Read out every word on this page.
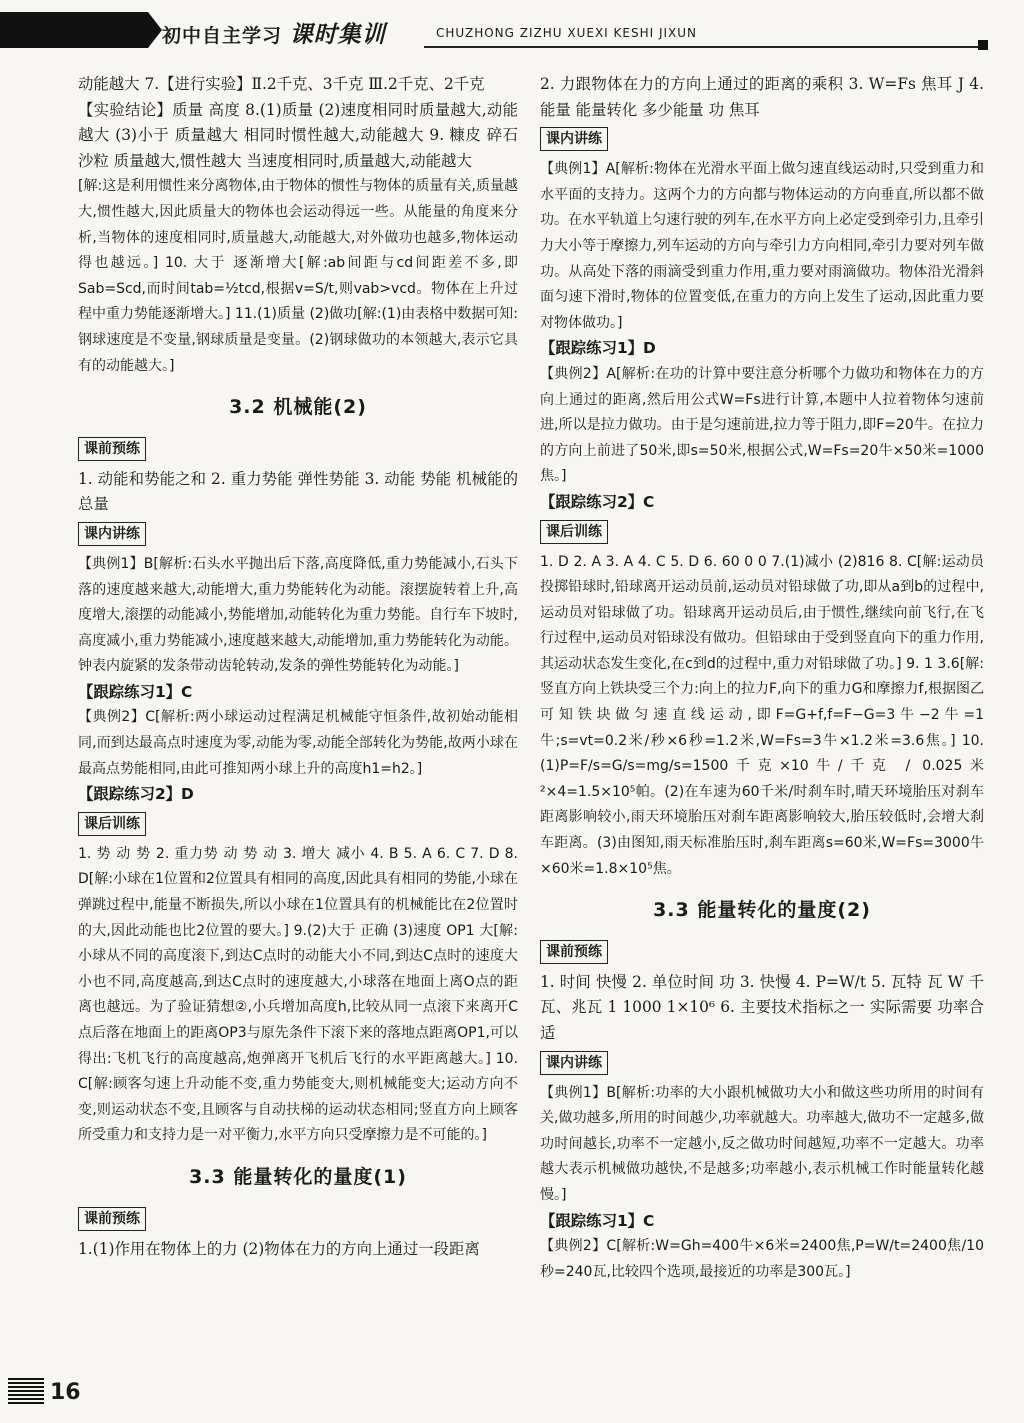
初中自主学习 课时集训	CHUZHONG ZIZHU XUEXI KESHI JIXUN

动能越大 7.【进行实验】Ⅱ.2千克、3千克 Ⅲ.2千克、2千克

【实验结论】质量 高度 8.(1)质量 (2)速度相同时质量越大,动能越大 (3)小于 质量越大 相同时惯性越大,动能越大 9. 糠皮 碎石沙粒 质量越大,惯性越大 当速度相同时,质量越大,动能越大

[解:这是利用惯性来分离物体,由于物体的惯性与物体的质量有关,质量越大,惯性越大,因此质量大的物体也会运动得远一些。从能量的角度来分析,当物体的速度相同时,质量越大,动能越大,对外做功也越多,物体运动得也越远。] 10. 大于 逐渐增大[解:ab间距与cd间距差不多,即Sab=Scd,而时间tab=½tcd,根据v=S/t,则vab>vcd。物体在上升过程中重力势能逐渐增大。] 11.(1)质量 (2)做功[解:(1)由表格中数据可知:钢球速度是不变量,钢球质量是变量。(2)钢球做功的本领越大,表示它具有的动能越大。]

3.2 机械能(2)
课前预练

1. 动能和势能之和 2. 重力势能 弹性势能 3. 动能 势能 机械能的总量

课内讲练

【典例1】B[解析:石头水平抛出后下落,高度降低,重力势能减小,石头下落的速度越来越大,动能增大,重力势能转化为动能。滚摆旋转着上升,高度增大,滚摆的动能减小,势能增加,动能转化为重力势能。自行车下坡时,高度减小,重力势能减小,速度越来越大,动能增加,重力势能转化为动能。钟表内旋紧的发条带动齿轮转动,发条的弹性势能转化为动能。]

【跟踪练习1】C

【典例2】C[解析:两小球运动过程满足机械能守恒条件,故初始动能相同,而到达最高点时速度为零,动能为零,动能全部转化为势能,故两小球在最高点势能相同,由此可推知两小球上升的高度h1=h2。]

【跟踪练习2】D

课后训练

1. 势 动 势 2. 重力势 动 势 动 3. 增大 减小 4. B 5. A 6. C 7. D 8. D[解:小球在1位置和2位置具有相同的高度,因此具有相同的势能,小球在弹跳过程中,能量不断损失,所以小球在1位置具有的机械能比在2位置时的大,因此动能也比2位置的要大。] 9.(2)大于 正确 (3)速度 OP1 大[解:小球从不同的高度滚下,到达C点时的动能大小不同,到达C点时的速度大小也不同,高度越高,到达C点时的速度越大,小球落在地面上离O点的距离也越远。为了验证猜想②,小兵增加高度h,比较从同一点滚下来离开C点后落在地面上的距离OP3与原先条件下滚下来的落地点距离OP1,可以得出:飞机飞行的高度越高,炮弹离开飞机后飞行的水平距离越大。] 10. C[解:顾客匀速上升动能不变,重力势能变大,则机械能变大;运动方向不变,则运动状态不变,且顾客与自动扶梯的运动状态相同;竖直方向上顾客所受重力和支持力是一对平衡力,水平方向只受摩擦力是不可能的。]

3.3 能量转化的量度(1)
课前预练

1.(1)作用在物体上的力 (2)物体在力的方向上通过一段距离

2. 力跟物体在力的方向上通过的距离的乘积 3. W=Fs 焦耳 J 4. 能量 能量转化 多少能量 功 焦耳

课内讲练

【典例1】A[解析:物体在光滑水平面上做匀速直线运动时,只受到重力和水平面的支持力。这两个力的方向都与物体运动的方向垂直,所以都不做功。在水平轨道上匀速行驶的列车,在水平方向上必定受到牵引力,且牵引力大小等于摩擦力,列车运动的方向与牵引力方向相同,牵引力要对列车做功。从高处下落的雨滴受到重力作用,重力要对雨滴做功。物体沿光滑斜面匀速下滑时,物体的位置变低,在重力的方向上发生了运动,因此重力要对物体做功。]

【跟踪练习1】D

【典例2】A[解析:在功的计算中要注意分析哪个力做功和物体在力的方向上通过的距离,然后用公式W=Fs进行计算,本题中人拉着物体匀速前进,所以是拉力做功。由于是匀速前进,拉力等于阻力,即F=20牛。在拉力的方向上前进了50米,即s=50米,根据公式,W=Fs=20牛×50米=1000焦。]

【跟踪练习2】C

课后训练

1. D 2. A 3. A 4. C 5. D 6. 60 0 0 7.(1)减小 (2)816 8. C[解:运动员投掷铅球时,铅球离开运动员前,运动员对铅球做了功,即从a到b的过程中,运动员对铅球做了功。铅球离开运动员后,由于惯性,继续向前飞行,在飞行过程中,运动员对铅球没有做功。但铅球由于受到竖直向下的重力作用,其运动状态发生变化,在c到d的过程中,重力对铅球做了功。] 9. 1 3.6[解:竖直方向上铁块受三个力:向上的拉力F,向下的重力G和摩擦力f,根据图乙可知铁块做匀速直线运动,即F=G+f,f=F−G=3牛−2牛=1牛;s=vt=0.2米/秒×6秒=1.2米,W=Fs=3牛×1.2米=3.6焦。] 10.(1)P=F/s=G/s=mg/s=1500千克×10牛/千克 / 0.025米²×4=1.5×10⁵帕。(2)在车速为60千米/时刹车时,晴天环境胎压对刹车距离影响较小,雨天环境胎压对刹车距离影响较大,胎压较低时,会增大刹车距离。(3)由图知,雨天标准胎压时,刹车距离s=60米,W=Fs=3000牛×60米=1.8×10⁵焦。

3.3 能量转化的量度(2)
课前预练

1. 时间 快慢 2. 单位时间 功 3. 快慢 4. P=W/t 5. 瓦特 瓦 W 千瓦、兆瓦 1 1000 1×10⁶ 6. 主要技术指标之一 实际需要 功率合适

课内讲练

【典例1】B[解析:功率的大小跟机械做功大小和做这些功所用的时间有关,做功越多,所用的时间越少,功率就越大。功率越大,做功不一定越多,做功时间越长,功率不一定越小,反之做功时间越短,功率不一定越大。功率越大表示机械做功越快,不是越多;功率越小,表示机械工作时能量转化越慢。]

【跟踪练习1】C

【典例2】C[解析:W=Gh=400牛×6米=2400焦,P=W/t=2400焦/10秒=240瓦,比较四个选项,最接近的功率是300瓦。]

16
